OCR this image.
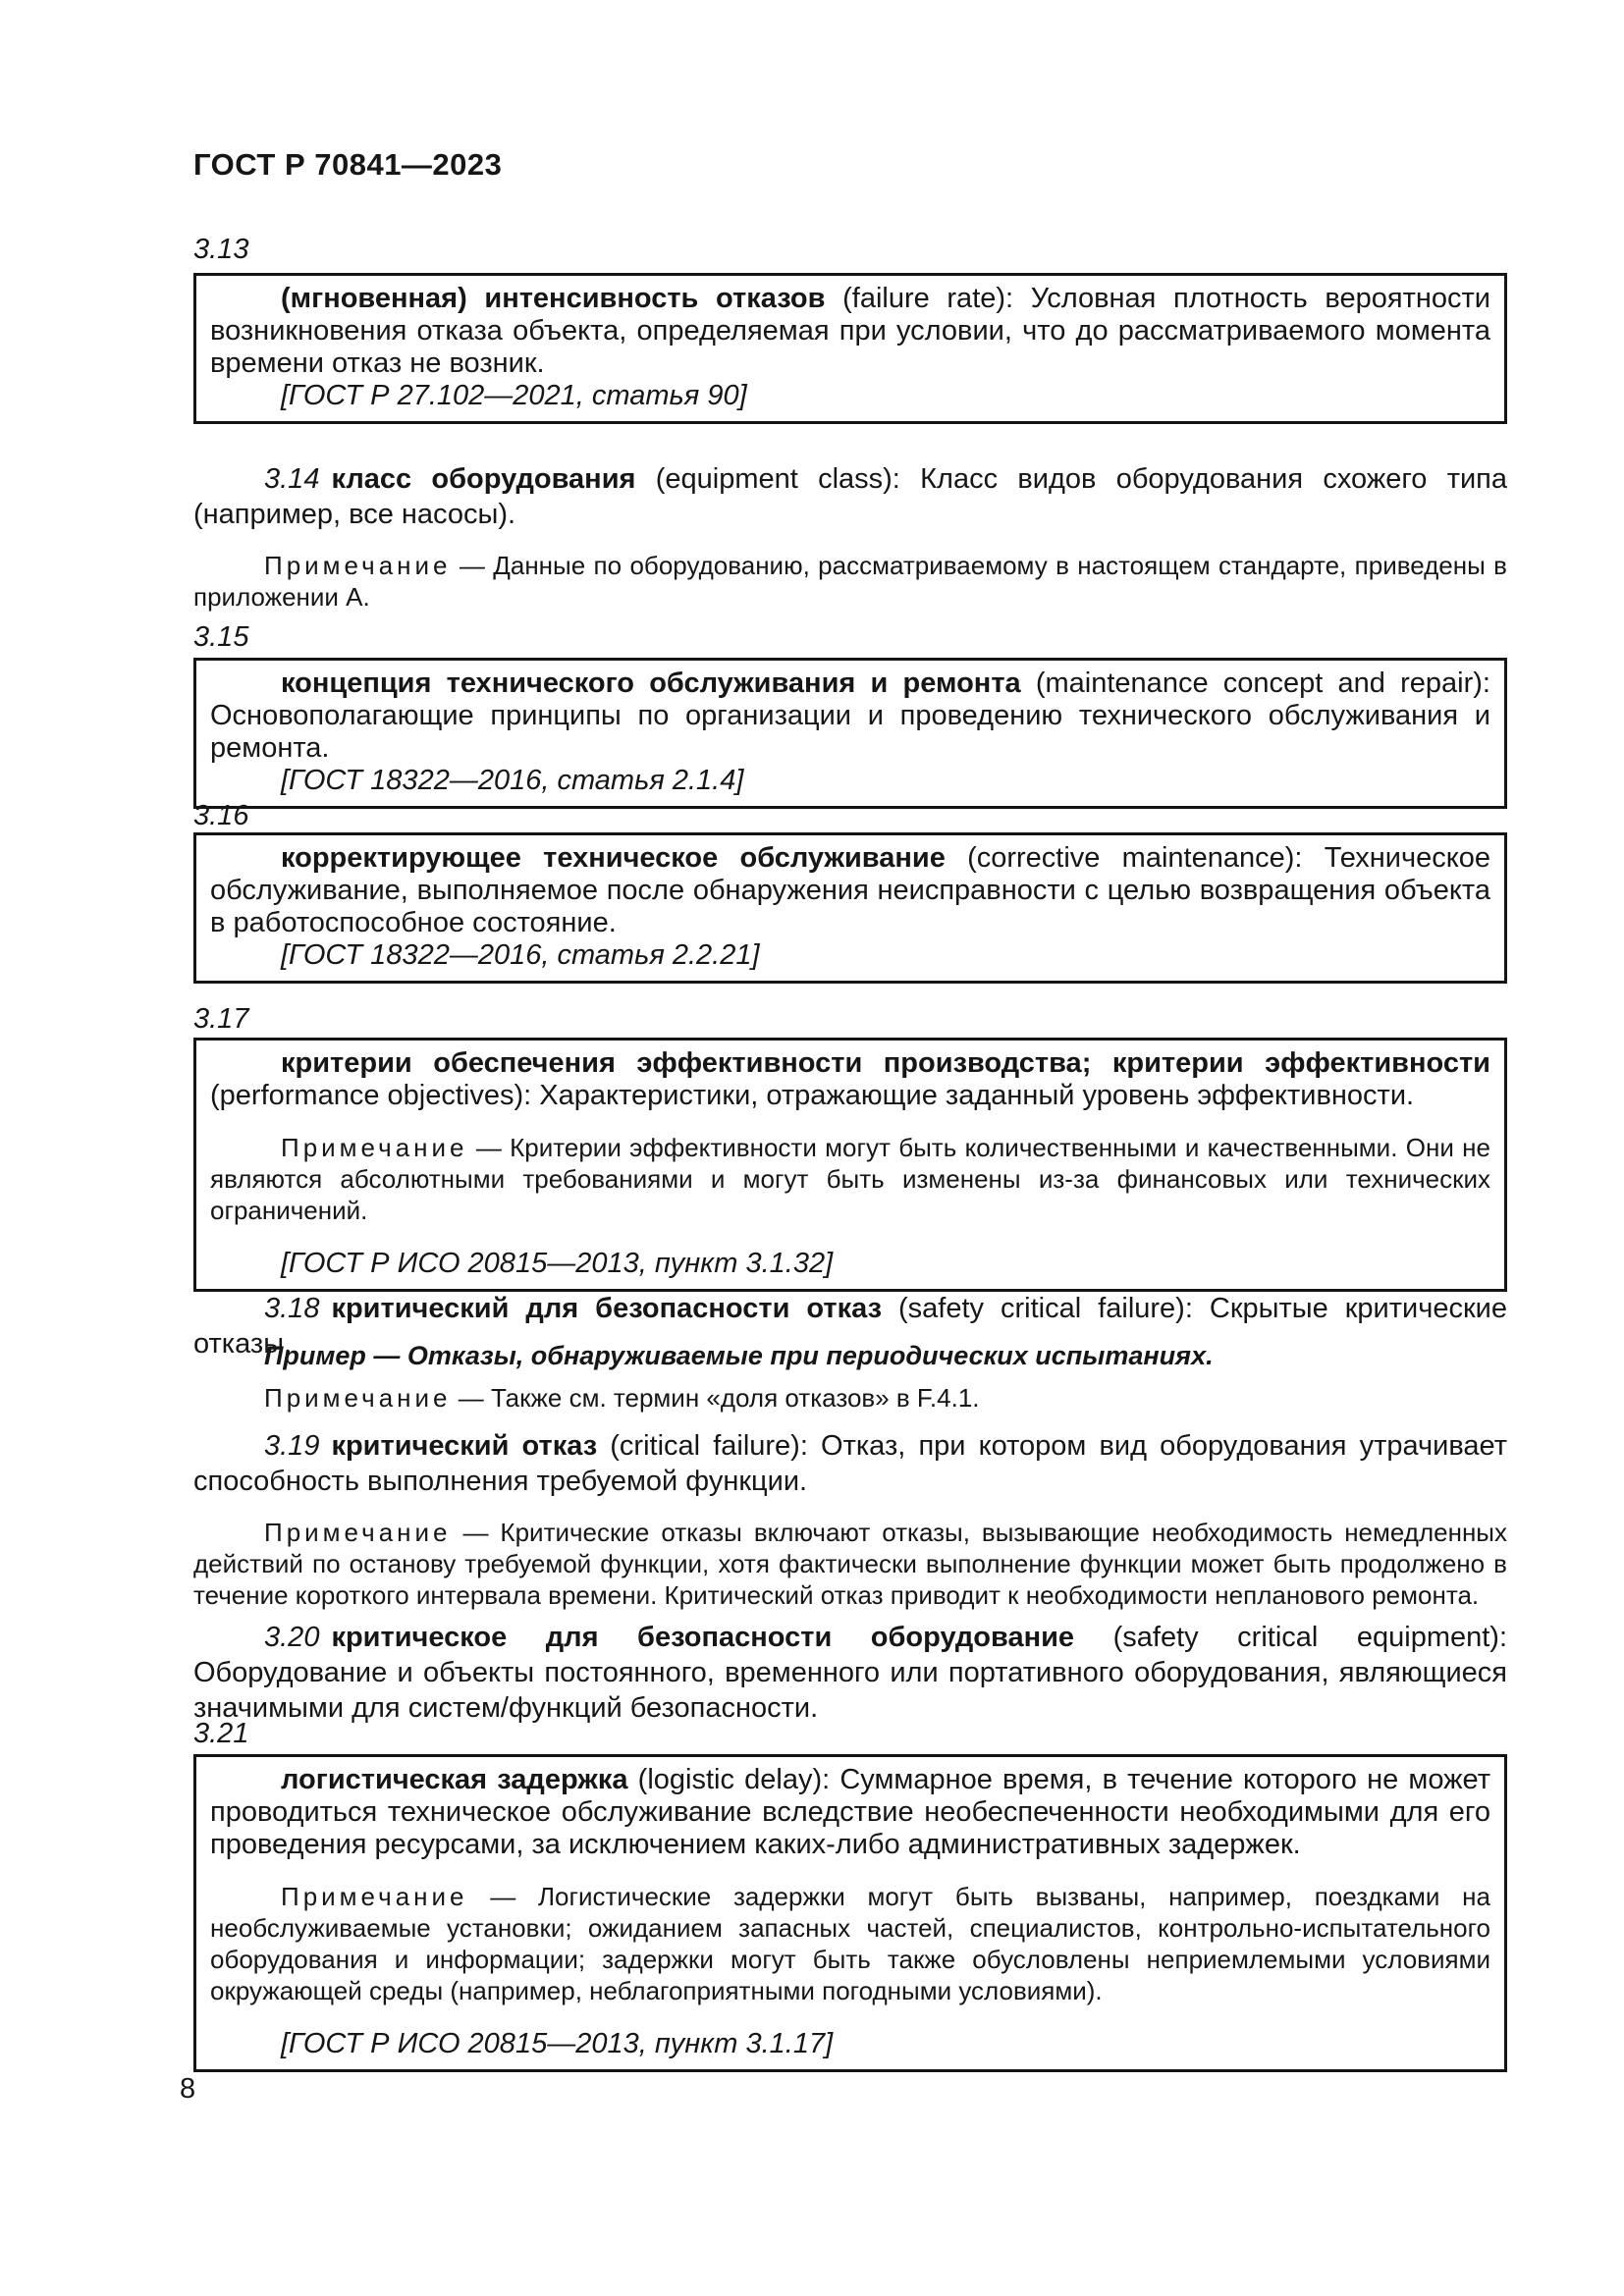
ГОСТ Р 70841—2023
3.13

(мгновенная) интенсивность отказов (failure rate): Условная плотность вероятности возникновения отказа объекта, определяемая при условии, что до рассматриваемого момента времени отказ не возник.

[ГОСТ Р 27.102—2021, статья 90]

3.14 класс оборудования (equipment class): Класс видов оборудования схожего типа (например, все насосы).
Примечание — Данные по оборудованию, рассматриваемому в настоящем стандарте, приведены в приложении А.
3.15

концепция технического обслуживания и ремонта (maintenance concept and repair): Основополагающие принципы по организации и проведению технического обслуживания и ремонта.

[ГОСТ 18322—2016, статья 2.1.4]

3.16

корректирующее техническое обслуживание (corrective maintenance): Техническое обслуживание, выполняемое после обнаружения неисправности с целью возвращения объекта в работоспособное состояние.

[ГОСТ 18322—2016, статья 2.2.21]

3.17

критерии обеспечения эффективности производства; критерии эффективности (performance objectives): Характеристики, отражающие заданный уровень эффективности.

Примечание — Критерии эффективности могут быть количественными и качественными. Они не являются абсолютными требованиями и могут быть изменены из-за финансовых или технических ограничений.

[ГОСТ Р ИСО 20815—2013, пункт 3.1.32]

3.18 критический для безопасности отказ (safety critical failure): Скрытые критические отказы.
Пример — Отказы, обнаруживаемые при периодических испытаниях.
Примечание — Также см. термин «доля отказов» в F.4.1.
3.19 критический отказ (critical failure): Отказ, при котором вид оборудования утрачивает способность выполнения требуемой функции.
Примечание — Критические отказы включают отказы, вызывающие необходимость немедленных действий по останову требуемой функции, хотя фактически выполнение функции может быть продолжено в течение короткого интервала времени. Критический отказ приводит к необходимости непланового ремонта.
3.20 критическое для безопасности оборудование (safety critical equipment): Оборудование и объекты постоянного, временного или портативного оборудования, являющиеся значимыми для систем/функций безопасности.
3.21

логистическая задержка (logistic delay): Суммарное время, в течение которого не может проводиться техническое обслуживание вследствие необеспеченности необходимыми для его проведения ресурсами, за исключением каких-либо административных задержек.

Примечание — Логистические задержки могут быть вызваны, например, поездками на необслуживаемые установки; ожиданием запасных частей, специалистов, контрольно-испытательного оборудования и информации; задержки могут быть также обусловлены неприемлемыми условиями окружающей среды (например, неблагоприятными погодными условиями).

[ГОСТ Р ИСО 20815—2013, пункт 3.1.17]

8
